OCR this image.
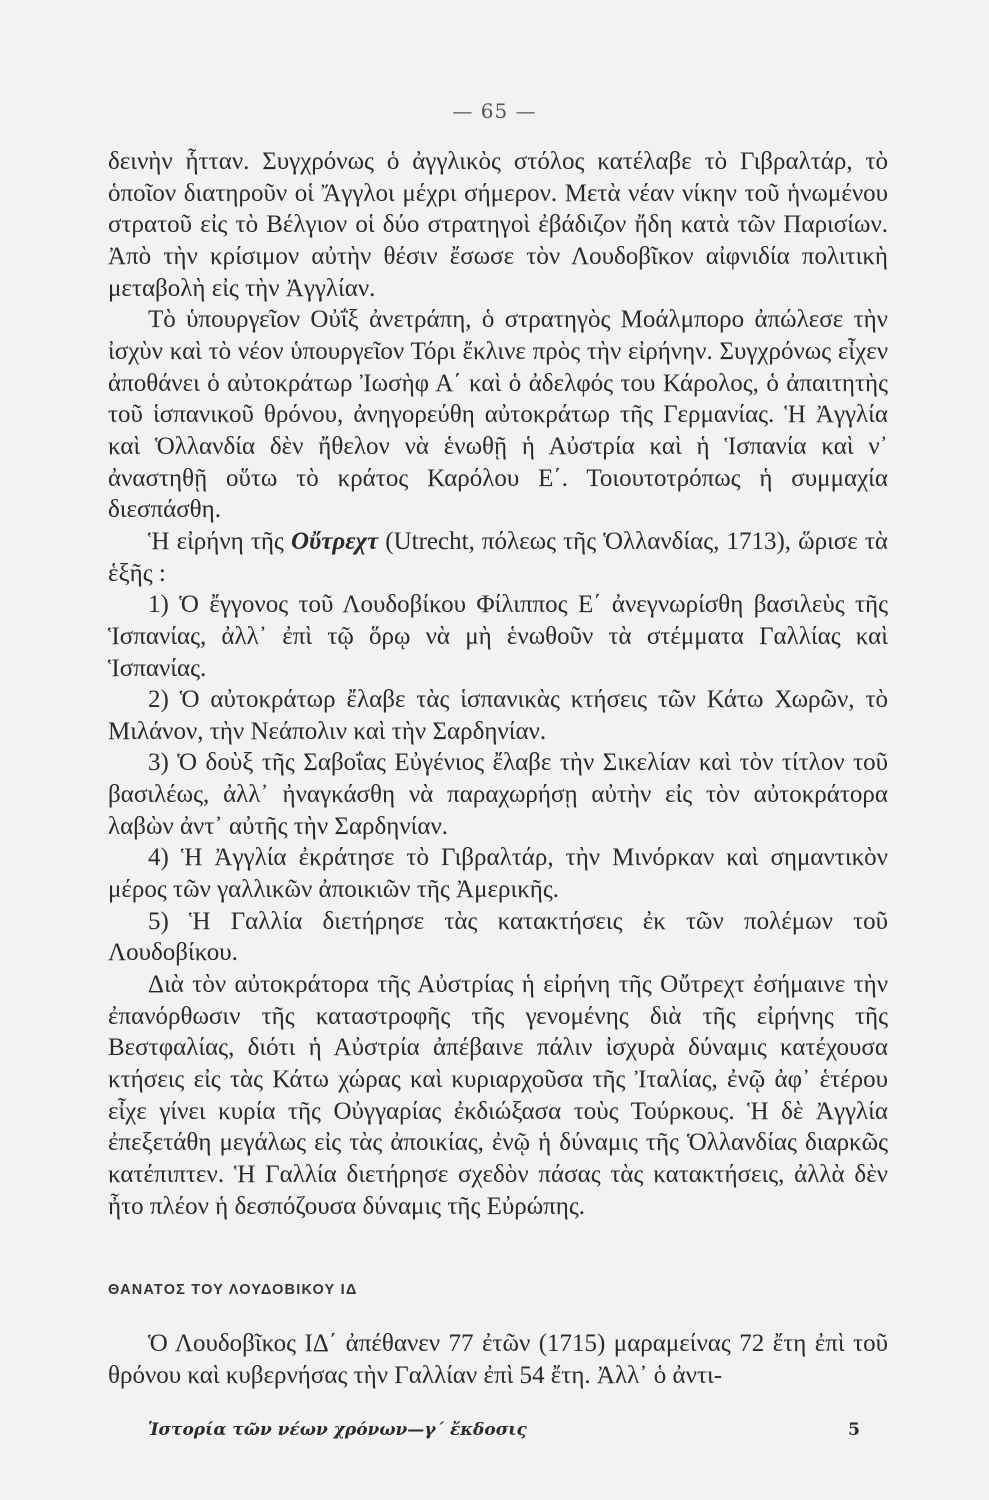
— 65 —

δεινὴν ἧτταν. Συγχρόνως ὁ ἀγγλικὸς στόλος κατέλαβε τὸ Γιβραλτάρ, τὸ ὁποῖον διατηροῦν οἱ Ἄγγλοι μέχρι σήμερον. Μετὰ νέαν νίκην τοῦ ἡνωμένου στρατοῦ εἰς τὸ Βέλγιον οἱ δύο στρατηγοὶ ἐβάδιζον ἤδη κατὰ τῶν Παρισίων. Ἀπὸ τὴν κρίσιμον αὐτὴν θέσιν ἔσωσε τὸν Λουδοβῖκον αἰφνιδία πολιτικὴ μεταβολὴ εἰς τὴν Ἀγγλίαν.

Τὸ ὑπουργεῖον Οὐΐξ ἀνετράπη, ὁ στρατηγὸς Μοάλμπορο ἀπώλεσε τὴν ἰσχὺν καὶ τὸ νέον ὑπουργεῖον Τόρι ἔκλινε πρὸς τὴν εἰρήνην. Συγχρόνως εἶχεν ἀποθάνει ὁ αὐτοκράτωρ Ἰωσὴφ Α΄ καὶ ὁ ἀδελφός του Κάρολος, ὁ ἀπαιτητὴς τοῦ ἱσπανικοῦ θρόνου, ἀνηγορεύθη αὐτοκράτωρ τῆς Γερμανίας. Ἡ Ἀγγλία καὶ Ὁλλανδία δὲν ἤθελον νὰ ἑνωθῇ ἡ Αὐστρία καὶ ἡ Ἱσπανία καὶ ν᾽ ἀναστηθῇ οὕτω τὸ κράτος Καρόλου Ε΄. Τοιουτοτρόπως ἡ συμμαχία διεσπάσθη.

Ἡ εἰρήνη τῆς Οὔτρεχτ (Utrecht, πόλεως τῆς Ὁλλανδίας, 1713), ὥρισε τὰ ἑξῆς :

1) Ὁ ἔγγονος τοῦ Λουδοβίκου Φίλιππος Ε΄ ἀνεγνωρίσθη βασιλεὺς τῆς Ἱσπανίας, ἀλλ᾽ ἐπὶ τῷ ὅρῳ νὰ μὴ ἑνωθοῦν τὰ στέμματα Γαλλίας καὶ Ἱσπανίας.

2) Ὁ αὐτοκράτωρ ἔλαβε τὰς ἱσπανικὰς κτήσεις τῶν Κάτω Χωρῶν, τὸ Μιλάνον, τὴν Νεάπολιν καὶ τὴν Σαρδηνίαν.

3) Ὁ δοὺξ τῆς Σαβοΐας Εὐγένιος ἔλαβε τὴν Σικελίαν καὶ τὸν τίτλον τοῦ βασιλέως, ἀλλ᾽ ἠναγκάσθη νὰ παραχωρήσῃ αὐτὴν εἰς τὸν αὐτοκράτορα λαβὼν ἀντ᾽ αὐτῆς τὴν Σαρδηνίαν.

4) Ἡ Ἀγγλία ἐκράτησε τὸ Γιβραλτάρ, τὴν Μινόρκαν καὶ σημαντικὸν μέρος τῶν γαλλικῶν ἀποικιῶν τῆς Ἀμερικῆς.

5) Ἡ Γαλλία διετήρησε τὰς κατακτήσεις ἐκ τῶν πολέμων τοῦ Λουδοβίκου.

Διὰ τὸν αὐτοκράτορα τῆς Αὐστρίας ἡ εἰρήνη τῆς Οὔτρεχτ ἐσήμαινε τὴν ἐπανόρθωσιν τῆς καταστροφῆς τῆς γενομένης διὰ τῆς εἰρήνης τῆς Βεστφαλίας, διότι ἡ Αὐστρία ἀπέβαινε πάλιν ἰσχυρὰ δύναμις κατέχουσα κτήσεις εἰς τὰς Κάτω χώρας καὶ κυριαρχοῦσα τῆς Ἰταλίας, ἐνῷ ἀφ᾽ ἑτέρου εἶχε γίνει κυρία τῆς Οὐγγαρίας ἐκδιώξασα τοὺς Τούρκους. Ἡ δὲ Ἀγγλία ἐπεξετάθη μεγάλως εἰς τὰς ἀποικίας, ἐνῷ ἡ δύναμις τῆς Ὁλλανδίας διαρκῶς κατέπιπτεν. Ἡ Γαλλία διετήρησε σχεδὸν πάσας τὰς κατακτήσεις, ἀλλὰ δὲν ἦτο πλέον ἡ δεσπόζουσα δύναμις τῆς Εὐρώπης.

ΘΑΝΑΤΟΣ ΤΟΥ ΛΟΥΔΟΒΙΚΟΥ ΙΔ

Ὁ Λουδοβῖκος ΙΔ΄ ἀπέθανεν 77 ἐτῶν (1715) μαραμείνας 72 ἔτη ἐπὶ τοῦ θρόνου καὶ κυβερνήσας τὴν Γαλλίαν ἐπὶ 54 ἔτη. Ἀλλ᾽ ὁ ἀντι-

Ἱστορία τῶν νέων χρόνων—γ΄ ἔκδοσις	5
